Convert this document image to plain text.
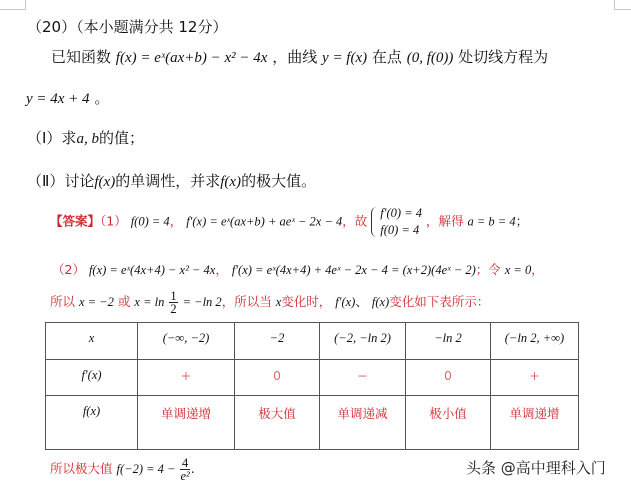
（20）（本小题满分共 12分）
已知函数 f(x) = eˣ(ax+b) − x² − 4x ，曲线 y = f(x) 在点 (0, f(0)) 处切线方程为
y = 4x + 4 。
（Ⅰ）求a, b的值；
（Ⅱ）讨论f(x)的单调性，并求f(x)的极大值。
【答案】（1） f(0) = 4， f′(x) = eˣ(ax+b) + aeˣ − 2x − 4，故
f′(0) = 4
f(0) = 4
，解得 a = b = 4；
（2） f(x) = eˣ(4x+4) − x² − 4x， f′(x) = eˣ(4x+4) + 4eˣ − 2x − 4 = (x+2)(4eˣ − 2)；令 x = 0，
所以 x = −2 或 $x = \ln \frac{1}{2} = -\ln$ 2，所以当 x变化时， f′(x)、 f(x)变化如下表所示：
x	(−∞, −2)	−2	(−2, −ln 2)	−ln 2	(−ln 2, +∞)
f′(x)	+	0	−	0	+
f(x)	单调递增	极大值	单调递减	极小值	单调递增
所以极大值 $f(-2) = 4 - \frac{4}{\text{e²}}$ .	头条 @高中理科入门
